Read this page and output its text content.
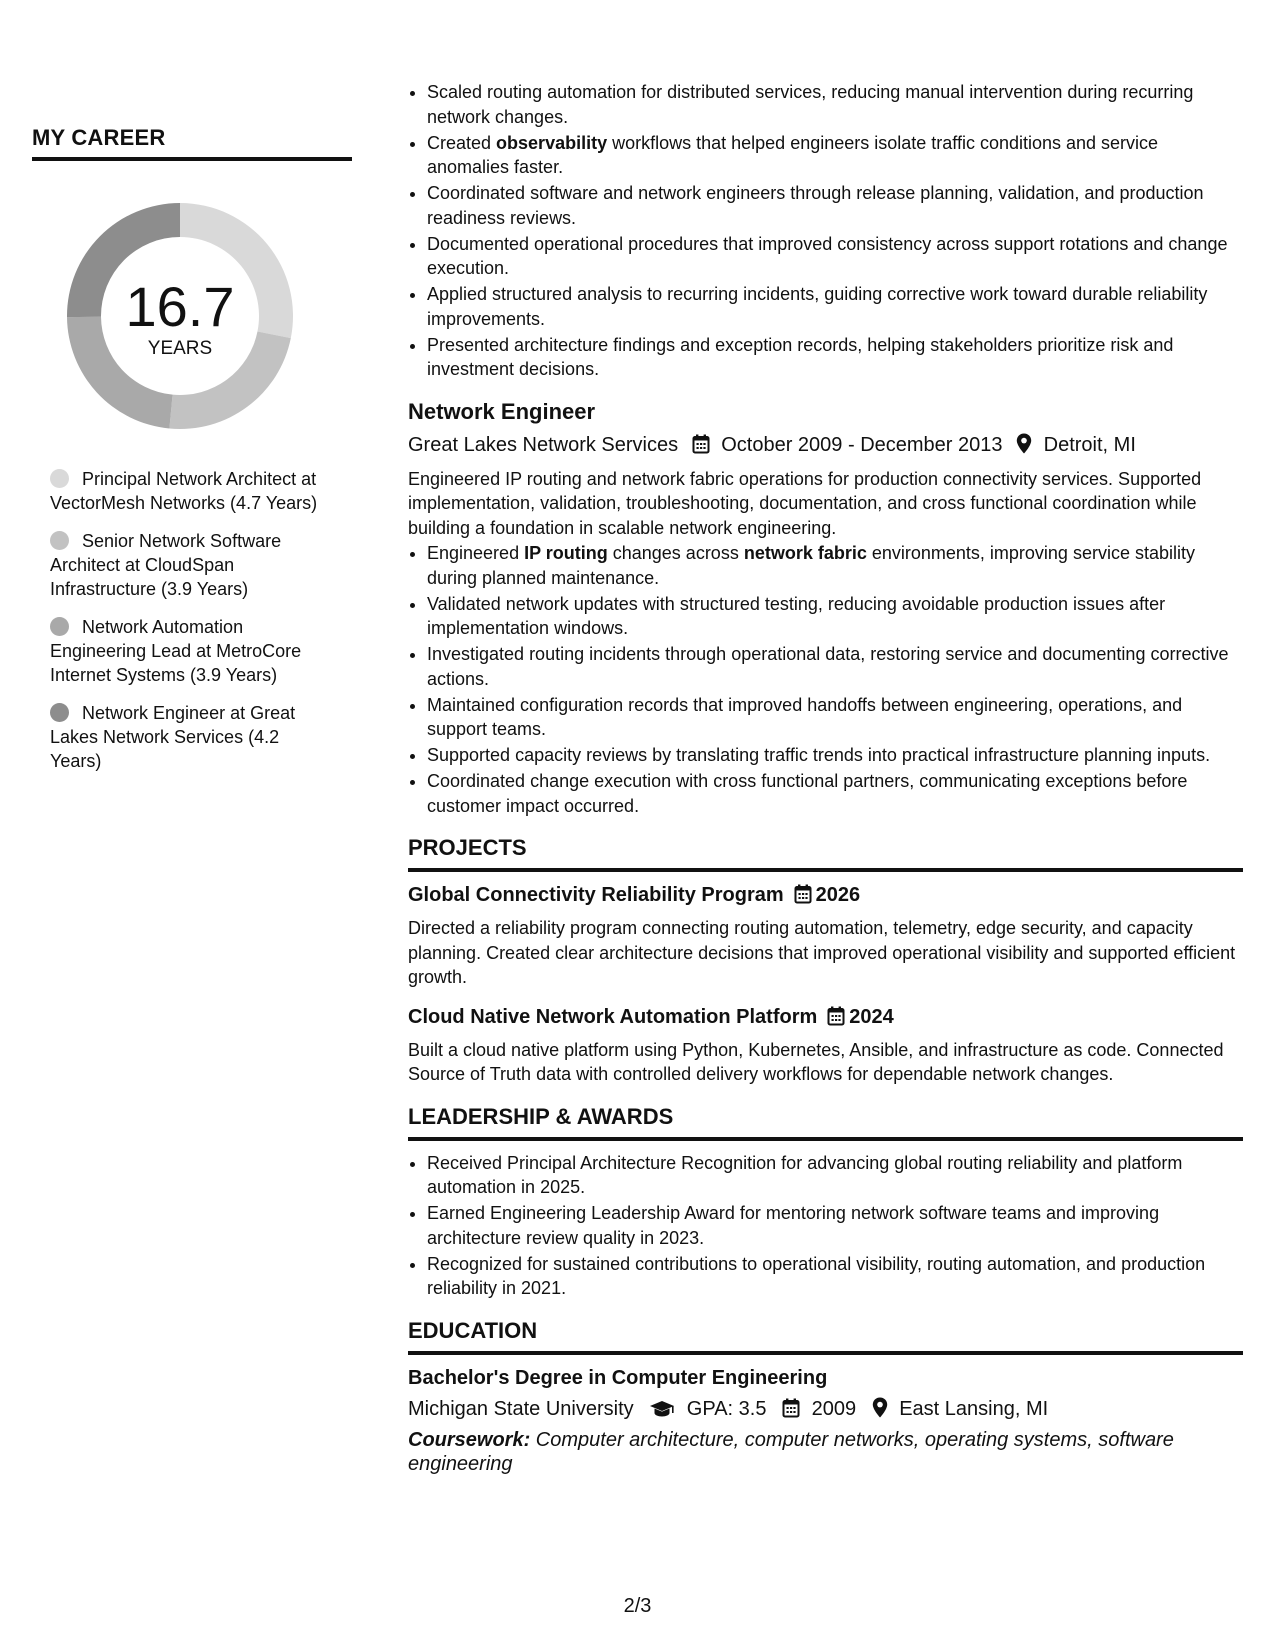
MY CAREER
16.7
YEARS
Principal Network Architect at VectorMesh Networks (4.7 Years)
Senior Network Software Architect at CloudSpan Infrastructure (3.9 Years)
Network Automation Engineering Lead at MetroCore Internet Systems (3.9 Years)
Network Engineer at Great Lakes Network Services (4.2 Years)
• Scaled routing automation for distributed services, reducing manual intervention during recurring network changes.
• Created observability workflows that helped engineers isolate traffic conditions and service anomalies faster.
• Coordinated software and network engineers through release planning, validation, and production readiness reviews.
• Documented operational procedures that improved consistency across support rotations and change execution.
• Applied structured analysis to recurring incidents, guiding corrective work toward durable reliability improvements.
• Presented architecture findings and exception records, helping stakeholders prioritize risk and investment decisions.
Network Engineer
Great Lakes Network Services October 2009 - December 2013 Detroit, MI

Engineered IP routing and network fabric operations for production connectivity services. Supported implementation, validation, troubleshooting, documentation, and cross functional coordination while building a foundation in scalable network engineering.

• Engineered IP routing changes across network fabric environments, improving service stability during planned maintenance.
• Validated network updates with structured testing, reducing avoidable production issues after implementation windows.
• Investigated routing incidents through operational data, restoring service and documenting corrective actions.
• Maintained configuration records that improved handoffs between engineering, operations, and support teams.
• Supported capacity reviews by translating traffic trends into practical infrastructure planning inputs.
• Coordinated change execution with cross functional partners, communicating exceptions before customer impact occurred.
PROJECTS
Global Connectivity Reliability Program 2026

Directed a reliability program connecting routing automation, telemetry, edge security, and capacity planning. Created clear architecture decisions that improved operational visibility and supported efficient growth.

Cloud Native Network Automation Platform 2024

Built a cloud native platform using Python, Kubernetes, Ansible, and infrastructure as code. Connected Source of Truth data with controlled delivery workflows for dependable network changes.

LEADERSHIP & AWARDS
• Received Principal Architecture Recognition for advancing global routing reliability and platform automation in 2025.
• Earned Engineering Leadership Award for mentoring network software teams and improving architecture review quality in 2023.
• Recognized for sustained contributions to operational visibility, routing automation, and production reliability in 2021.
EDUCATION
Bachelor's Degree in Computer Engineering
Michigan State University	GPA: 3.5 2009 East Lansing, MI
Coursework: Computer architecture, computer networks, operating systems, software engineering
2/3
